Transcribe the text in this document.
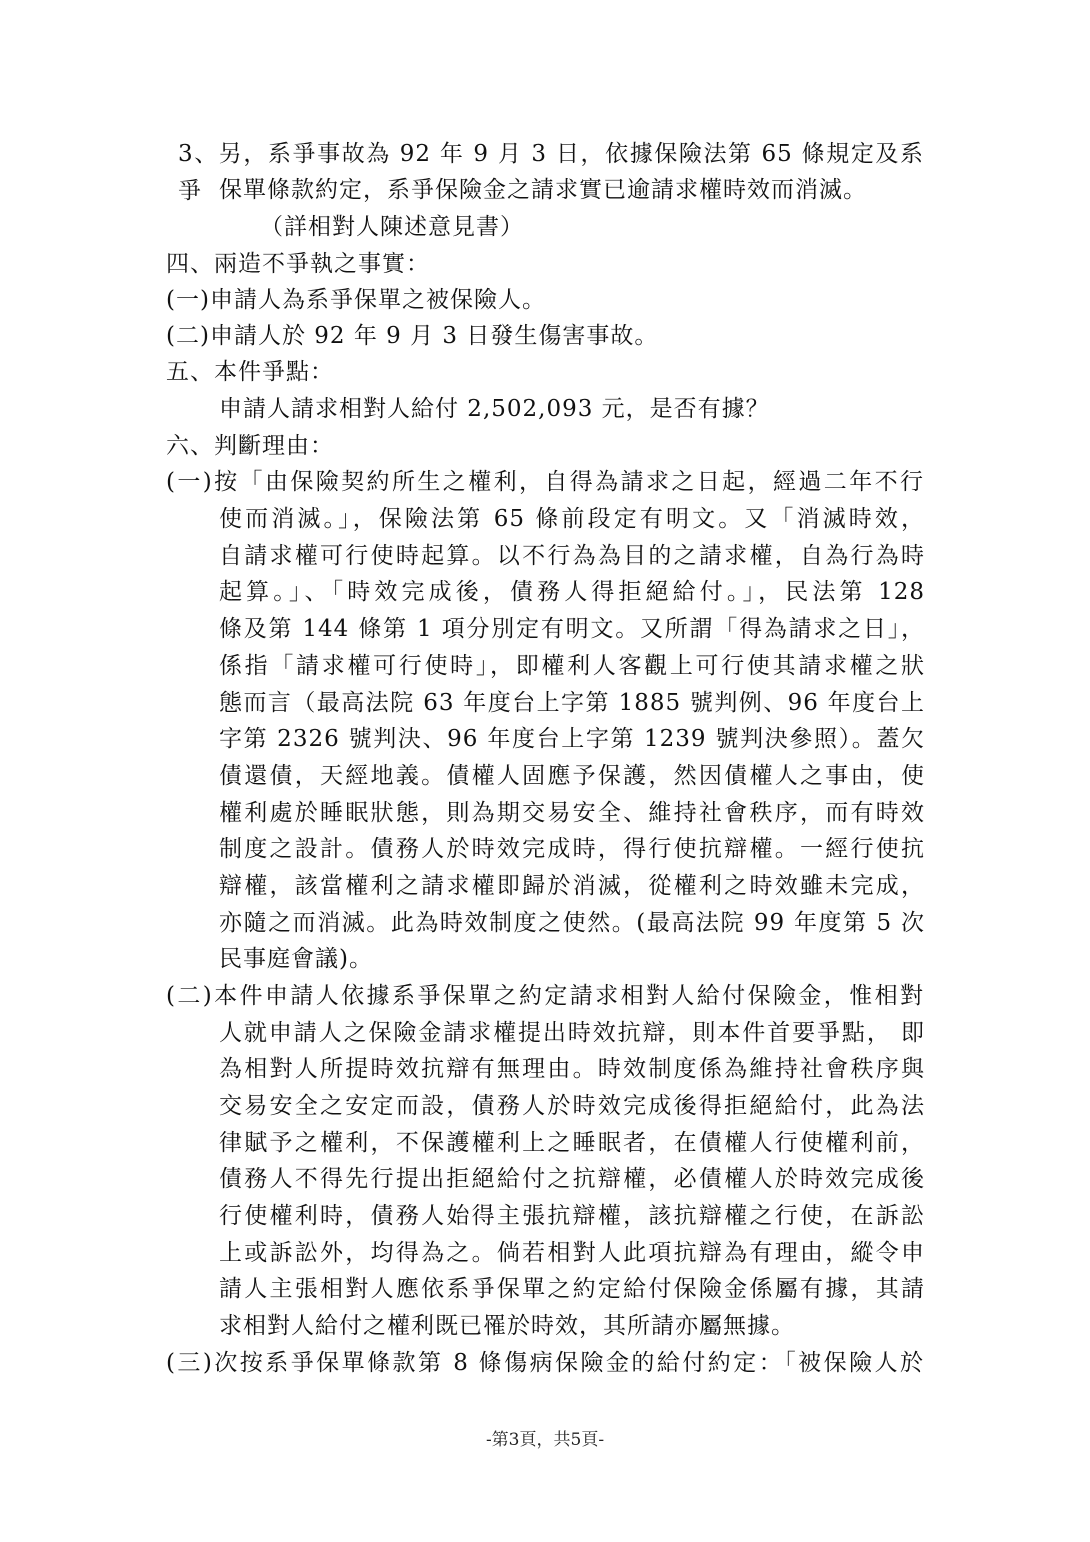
3、另，系爭事故為 92 年 9 月 3 日，依據保險法第 65 條規定及系爭 保單條款約定，系爭保險金之請求實已逾請求權時效而消滅。
（詳相對人陳述意見書）
四、兩造不爭執之事實：
(一)申請人為系爭保單之被保險人。
(二)申請人於 92 年 9 月 3 日發生傷害事故。
五、本件爭點：
申請人請求相對人給付 2,502,093 元，是否有據？
六、判斷理由：
(一)按「由保險契約所生之權利，自得為請求之日起，經過二年不行
使而消滅。」，保險法第 65 條前段定有明文。又「消滅時效，
自請求權可行使時起算。以不行為為目的之請求權，自為行為時
起算。」、「時效完成後，債務人得拒絕給付。」，民法第 128
條及第 144 條第 1 項分別定有明文。又所謂「得為請求之日」，
係指「請求權可行使時」，即權利人客觀上可行使其請求權之狀
態而言（最高法院 63 年度台上字第 1885 號判例、96 年度台上
字第 2326 號判決、96 年度台上字第 1239 號判決參照）。蓋欠
債還債，天經地義。債權人固應予保護，然因債權人之事由，使
權利處於睡眠狀態，則為期交易安全、維持社會秩序，而有時效
制度之設計。債務人於時效完成時，得行使抗辯權。一經行使抗
辯權，該當權利之請求權即歸於消滅，從權利之時效雖未完成，
亦隨之而消滅。此為時效制度之使然。(最高法院 99 年度第 5 次
民事庭會議)。
(二)本件申請人依據系爭保單之約定請求相對人給付保險金，惟相對
人就申請人之保險金請求權提出時效抗辯，則本件首要爭點， 即
為相對人所提時效抗辯有無理由。時效制度係為維持社會秩序與
交易安全之安定而設，債務人於時效完成後得拒絕給付，此為法
律賦予之權利，不保護權利上之睡眠者，在債權人行使權利前，
債務人不得先行提出拒絕給付之抗辯權，必債權人於時效完成後
行使權利時，債務人始得主張抗辯權，該抗辯權之行使，在訴訟
上或訴訟外，均得為之。倘若相對人此項抗辯為有理由，縱令申
請人主張相對人應依系爭保單之約定給付保險金係屬有據，其請
求相對人給付之權利既已罹於時效，其所請亦屬無據。
(三)次按系爭保單條款第 8 條傷病保險金的給付約定：「被保險人於
-第3頁，共5頁-
